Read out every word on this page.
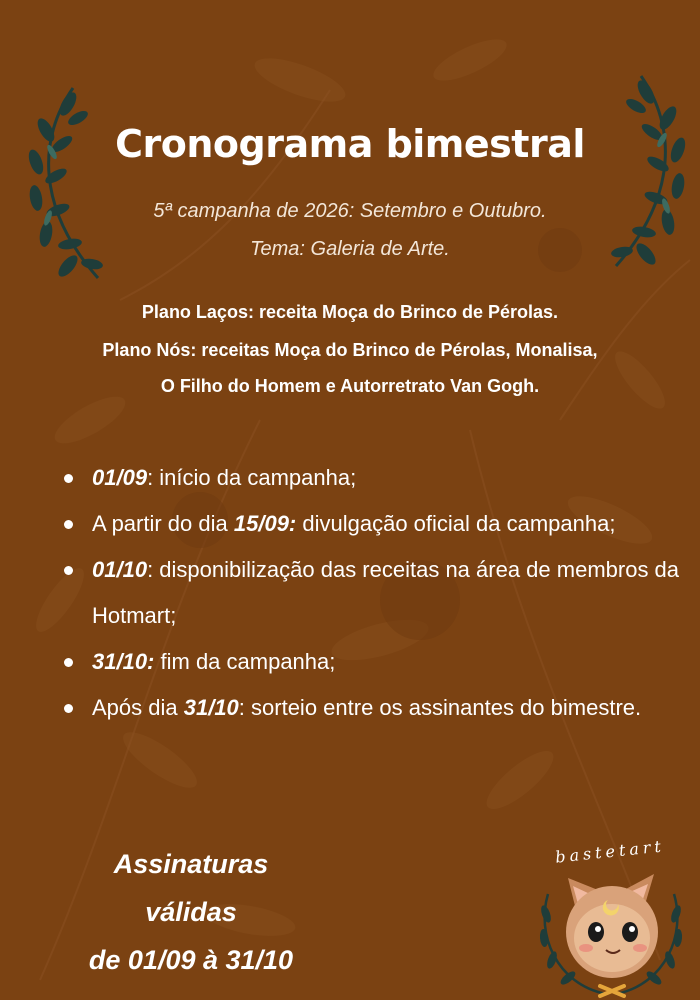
Cronograma bimestral
5ª campanha de 2026: Setembro e Outubro.
Tema: Galeria de Arte.
Plano Laços: receita Moça do Brinco de Pérolas.
Plano Nós: receitas Moça do Brinco de Pérolas, Monalisa,
O Filho do Homem e Autorretrato Van Gogh.
01/09: início da campanha;
A partir do dia 15/09: divulgação oficial da campanha;
01/10: disponibilização das receitas na área de membros da Hotmart;
31/10: fim da campanha;
Após dia 31/10: sorteio entre os assinantes do bimestre.
Assinaturas válidas
de 01/09 à 31/10
bastetart
